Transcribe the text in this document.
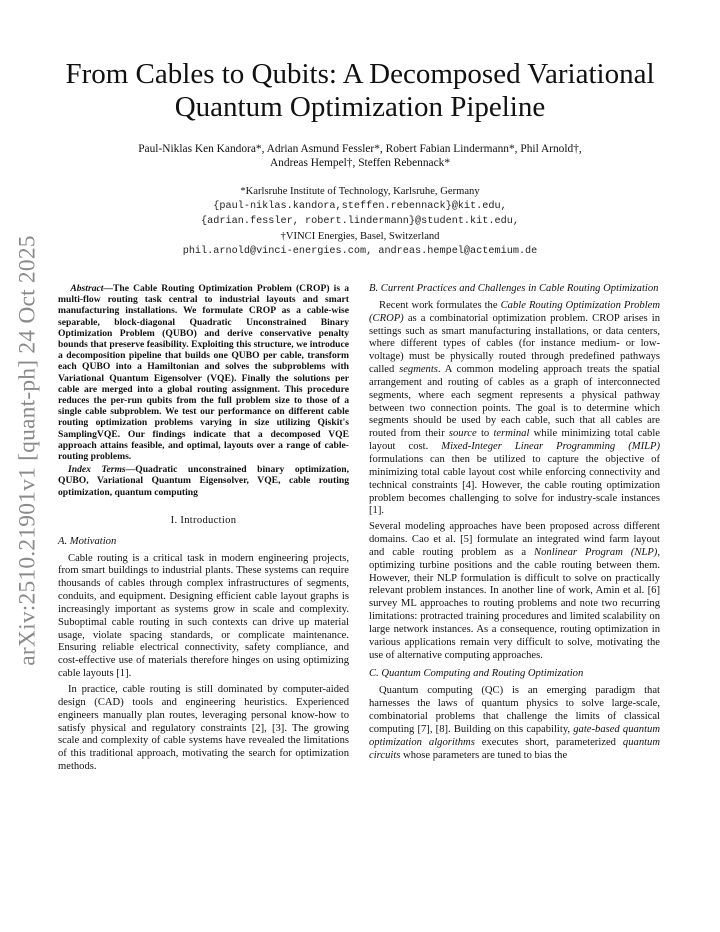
arXiv:2510.21901v1 [quant-ph] 24 Oct 2025
From Cables to Qubits: A Decomposed Variational Quantum Optimization Pipeline
Paul-Niklas Ken Kandora*, Adrian Asmund Fessler*, Robert Fabian Lindermann*, Phil Arnold†,
Andreas Hempel†, Steffen Rebennack*
*Karlsruhe Institute of Technology, Karlsruhe, Germany
{paul-niklas.kandora,steffen.rebennack}@kit.edu,
{adrian.fessler, robert.lindermann}@student.kit.edu,
†VINCI Energies, Basel, Switzerland
phil.arnold@vinci-energies.com, andreas.hempel@actemium.de

Abstract—The Cable Routing Optimization Problem (CROP) is a multi-flow routing task central to industrial layouts and smart manufacturing installations. We formulate CROP as a cable-wise separable, block-diagonal Quadratic Unconstrained Binary Optimization Problem (QUBO) and derive conservative penalty bounds that preserve feasibility. Exploiting this structure, we introduce a decomposition pipeline that builds one QUBO per cable, transform each QUBO into a Hamiltonian and solves the subproblems with Variational Quantum Eigensolver (VQE). Finally the solutions per cable are merged into a global routing assignment. This procedure reduces the per-run qubits from the full problem size to those of a single cable subproblem. We test our performance on different cable routing optimization problems varying in size utilizing Qiskit's SamplingVQE. Our findings indicate that a decomposed VQE approach attains feasible, and optimal, layouts over a range of cable-routing problems.

Index Terms—Quadratic unconstrained binary optimization, QUBO, Variational Quantum Eigensolver, VQE, cable routing optimization, quantum computing

I. Introduction
A. Motivation

Cable routing is a critical task in modern engineering projects, from smart buildings to industrial plants. These systems can require thousands of cables through complex infrastructures of segments, conduits, and equipment. Designing efficient cable layout graphs is increasingly important as systems grow in scale and complexity. Suboptimal cable routing in such contexts can drive up material usage, violate spacing standards, or complicate maintenance. Ensuring reliable electrical connectivity, safety compliance, and cost-effective use of materials therefore hinges on using optimizing cable layouts [1].

In practice, cable routing is still dominated by computer-aided design (CAD) tools and engineering heuristics. Experienced engineers manually plan routes, leveraging personal know-how to satisfy physical and regulatory constraints [2], [3]. The growing scale and complexity of cable systems have revealed the limitations of this traditional approach, motivating the search for optimization methods.

B. Current Practices and Challenges in Cable Routing Optimization

Recent work formulates the Cable Routing Optimization Problem (CROP) as a combinatorial optimization problem. CROP arises in settings such as smart manufacturing installations, or data centers, where different types of cables (for instance medium- or low-voltage) must be physically routed through predefined pathways called segments. A common modeling approach treats the spatial arrangement and routing of cables as a graph of interconnected segments, where each segment represents a physical pathway between two connection points. The goal is to determine which segments should be used by each cable, such that all cables are routed from their source to terminal while minimizing total cable layout cost. Mixed-Integer Linear Programming (MILP) formulations can then be utilized to capture the objective of minimizing total cable layout cost while enforcing connectivity and technical constraints [4]. However, the cable routing optimization problem becomes challenging to solve for industry-scale instances [1].

Several modeling approaches have been proposed across different domains. Cao et al. [5] formulate an integrated wind farm layout and cable routing problem as a Nonlinear Program (NLP), optimizing turbine positions and the cable routing between them. However, their NLP formulation is difficult to solve on practically relevant problem instances. In another line of work, Amin et al. [6] survey ML approaches to routing problems and note two recurring limitations: protracted training procedures and limited scalability on large network instances. As a consequence, routing optimization in various applications remain very difficult to solve, motivating the use of alternative computing approaches.

C. Quantum Computing and Routing Optimization

Quantum computing (QC) is an emerging paradigm that harnesses the laws of quantum physics to solve large-scale, combinatorial problems that challenge the limits of classical computing [7], [8]. Building on this capability, gate-based quantum optimization algorithms executes short, parameterized quantum circuits whose parameters are tuned to bias the
